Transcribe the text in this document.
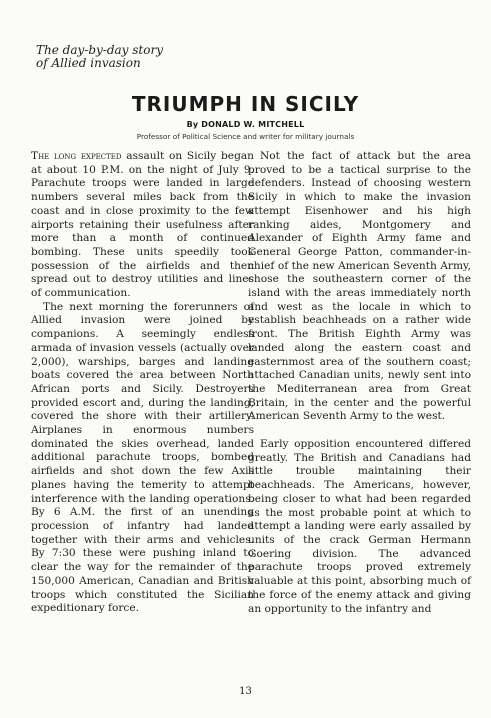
The day-by-day story
of Allied invasion
TRIUMPH IN SICILY
By DONALD W. MITCHELL
Professor of Political Science and writer for military journals

The long expected assault on Sicily began at about 10 P.M. on the night of July 9. Parachute troops were landed in large numbers several miles back from the coast and in close proximity to the few airports retaining their usefulness after more than a month of continued bombing. These units speedily took possession of the airfields and then spread out to destroy utilities and lines of communication.

The next morning the forerunners of Allied invasion were joined by companions. A seemingly endless armada of invasion vessels (actually over 2,000), warships, barges and landing boats covered the area between North African ports and Sicily. Destroyers provided escort and, during the landing, covered the shore with their artillery. Airplanes in enormous numbers dominated the skies overhead, landed additional parachute troops, bombed airfields and shot down the few Axis planes having the temerity to attempt interference with the landing operations. By 6 A.M. the first of an unending procession of infantry had landed together with their arms and vehicles. By 7:30 these were pushing inland to clear the way for the remainder of the 150,000 American, Canadian and British troops which constituted the Sicilian expeditionary force.

Not the fact of attack but the area proved to be a tactical surprise to the defenders. Instead of choosing western Sicily in which to make the invasion attempt Eisenhower and his high ranking aides, Montgomery and Alexander of Eighth Army fame and General George Patton, commander-in-chief of the new American Seventh Army, chose the southeastern corner of the island with the areas immediately north and west as the locale in which to establish beachheads on a rather wide front. The British Eighth Army was landed along the eastern coast and easternmost area of the southern coast; attached Canadian units, newly sent into the Mediterranean area from Great Britain, in the center and the powerful American Seventh Army to the west.

Early opposition encountered differed greatly. The British and Canadians had little trouble maintaining their beachheads. The Americans, however, being closer to what had been regarded as the most probable point at which to attempt a landing were early assailed by units of the crack German Hermann Goering division. The advanced parachute troops proved extremely valuable at this point, absorbing much of the force of the enemy attack and giving an opportunity to the infantry and

13
